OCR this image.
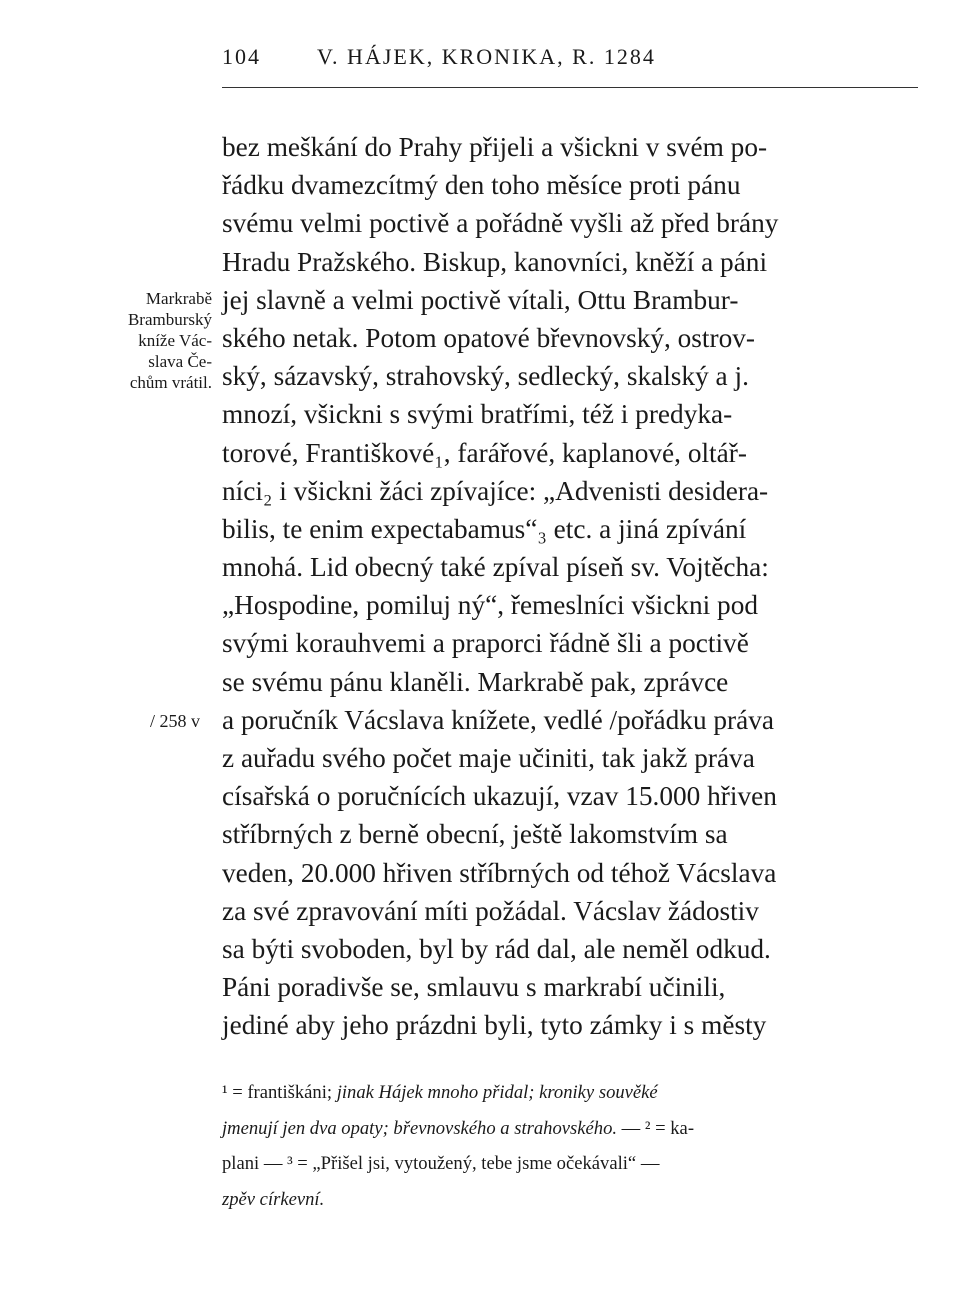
104	V. HÁJEK, KRONIKA, R. 1284
Markrabě
Bramburský
kníže Vác-
slava Če-
chům vrátil.
/ 258 v
bez meškání do Prahy přijeli a všickni v svém po-
řádku dvamezcítmý den toho měsíce proti pánu
svému velmi poctivě a pořádně vyšli až před brány
Hradu Pražského. Biskup, kanovníci, kněží a páni
jej slavně a velmi poctivě vítali, Ottu Brambur-
ského netak. Potom opatové břevnovský, ostrov-
ský, sázavský, strahovský, sedlecký, skalský a j.
mnozí, všickni s svými bratřími, též i predyka-
torové, Františkové₁, farářové, kaplanové, oltář-
níci₂ i všickni žáci zpívajíce: „Advenisti desidera-
bilis, te enim expectabamus“₃ etc. a jiná zpívání
mnohá. Lid obecný také zpíval píseň sv. Vojtěcha:
„Hospodine, pomiluj ný“, řemeslníci všickni pod
svými korauhvemi a praporci řádně šli a poctivě
se svému pánu klaněli. Markrabě pak, zprávce
a poručník Vácslava knížete, vedlé /pořádku práva
z auřadu svého počet maje učiniti, tak jakž práva
císařská o poručnících ukazují, vzav 15.000 hřiven
stříbrných z berně obecní, ještě lakomstvím sa
veden, 20.000 hřiven stříbrných od téhož Vácslava
za své zpravování míti požádal. Vácslav žádostiv
sa býti svoboden, byl by rád dal, ale neměl odkud.
Páni poradivše se, smlauvu s markrabí učinili,
jediné aby jeho prázdni byli, tyto zámky i s městy
¹ = františkáni; jinak Hájek mnoho přidal; kroniky souvěké
jmenují jen dva opaty; břevnovského a strahovského. — ² = ka-
plani — ³ = „Přišel jsi, vytoužený, tebe jsme očekávali“ —
zpěv církevní.
